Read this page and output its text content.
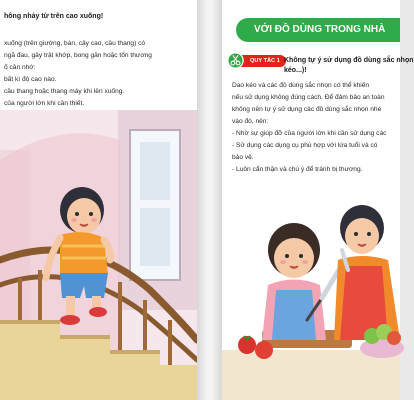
hông nhảy từ trên cao xuống!
xuống (trên giường, bàn, cây cao, cầu thang) có
ngã đau, gây trật khớp, bong gân hoặc tổn thương
ố cần nhớ:
bất kì độ cao nào.
cầu thang hoặc thang máy khi lên xuống.
của người lớn khi cần thiết.
VỚI ĐỒ DÙNG TRONG NHÀ
QUY TẮC 1 Không tự ý sử dụng đồ dùng sắc nhọn
kéo...)!
Dao kéo và các đồ dùng sắc nhọn có thể khiến
nếu sử dụng không đúng cách. Để đảm bảo an toàn
không nên tự ý sử dụng các đồ dùng sắc nhọn nhé
vào đó, nên:
- Nhờ sự giúp đỡ của người lớn khi cần sử dụng các
- Sử dụng các dụng cụ phù hợp với lứa tuổi và có
bảo vệ.
- Luôn cẩn thận và chú ý để tránh bị thương.
